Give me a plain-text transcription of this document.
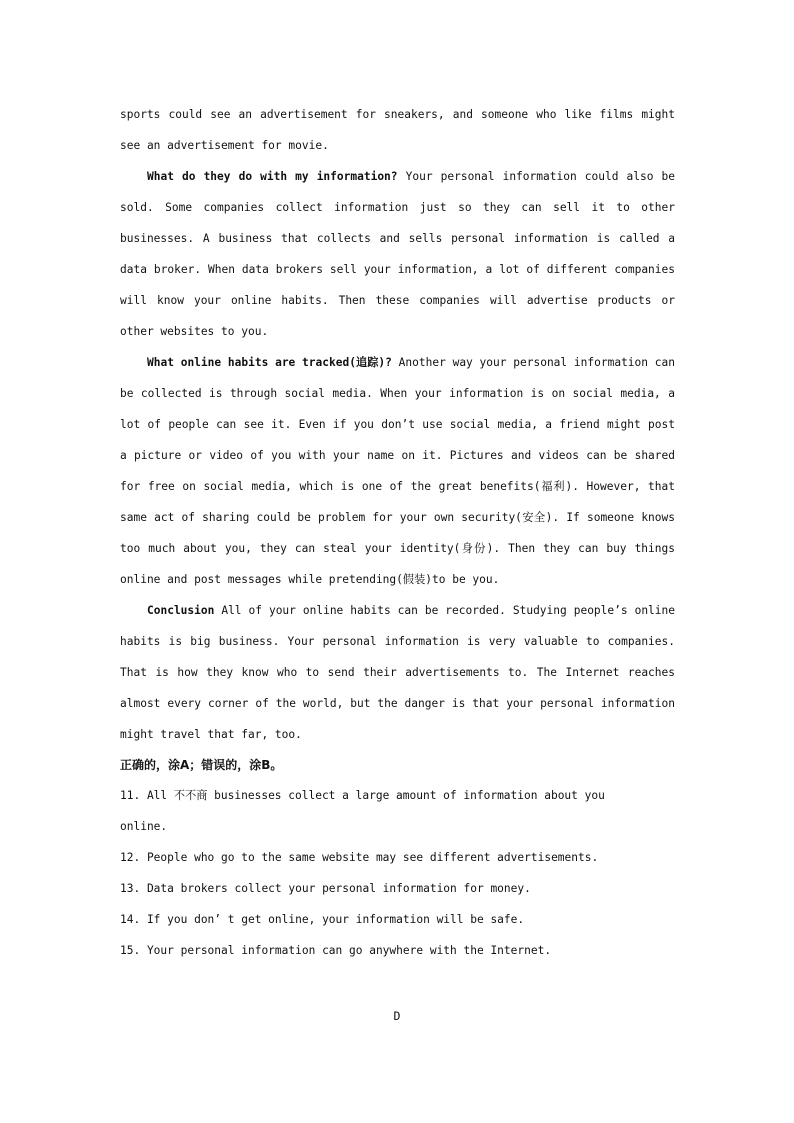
sports could see an advertisement for sneakers, and someone who like films might see an advertisement for movie.

What do they do with my information? Your personal information could also be sold. Some companies collect information just so they can sell it to other businesses. A business that collects and sells personal information is called a data broker. When data brokers sell your information, a lot of different companies will know your online habits. Then these companies will advertise products or other websites to you.

What online habits are tracked(追踪)? Another way your personal information can be collected is through social media. When your information is on social media, a lot of people can see it. Even if you don’t use social media, a friend might post a picture or video of you with your name on it. Pictures and videos can be shared for free on social media, which is one of the great benefits(福利). However, that same act of sharing could be problem for your own security(安全). If someone knows too much about you, they can steal your identity(身份). Then they can buy things online and post messages while pretending(假装)to be you.

Conclusion All of your online habits can be recorded. Studying people’s online habits is big business. Your personal information is very valuable to companies. That is how they know who to send their advertisements to. The Internet reaches almost every corner of the world, but the danger is that your personal information might travel that far, too.

正确的，涂A；错误的，涂B。

11. All 不不商 businesses collect a large amount of information about you online.

12. People who go to the same website may see different advertisements.

13. Data brokers collect your personal information for money.

14. If you don’ t get online, your information will be safe.

15. Your personal information can go anywhere with the Internet.

D
